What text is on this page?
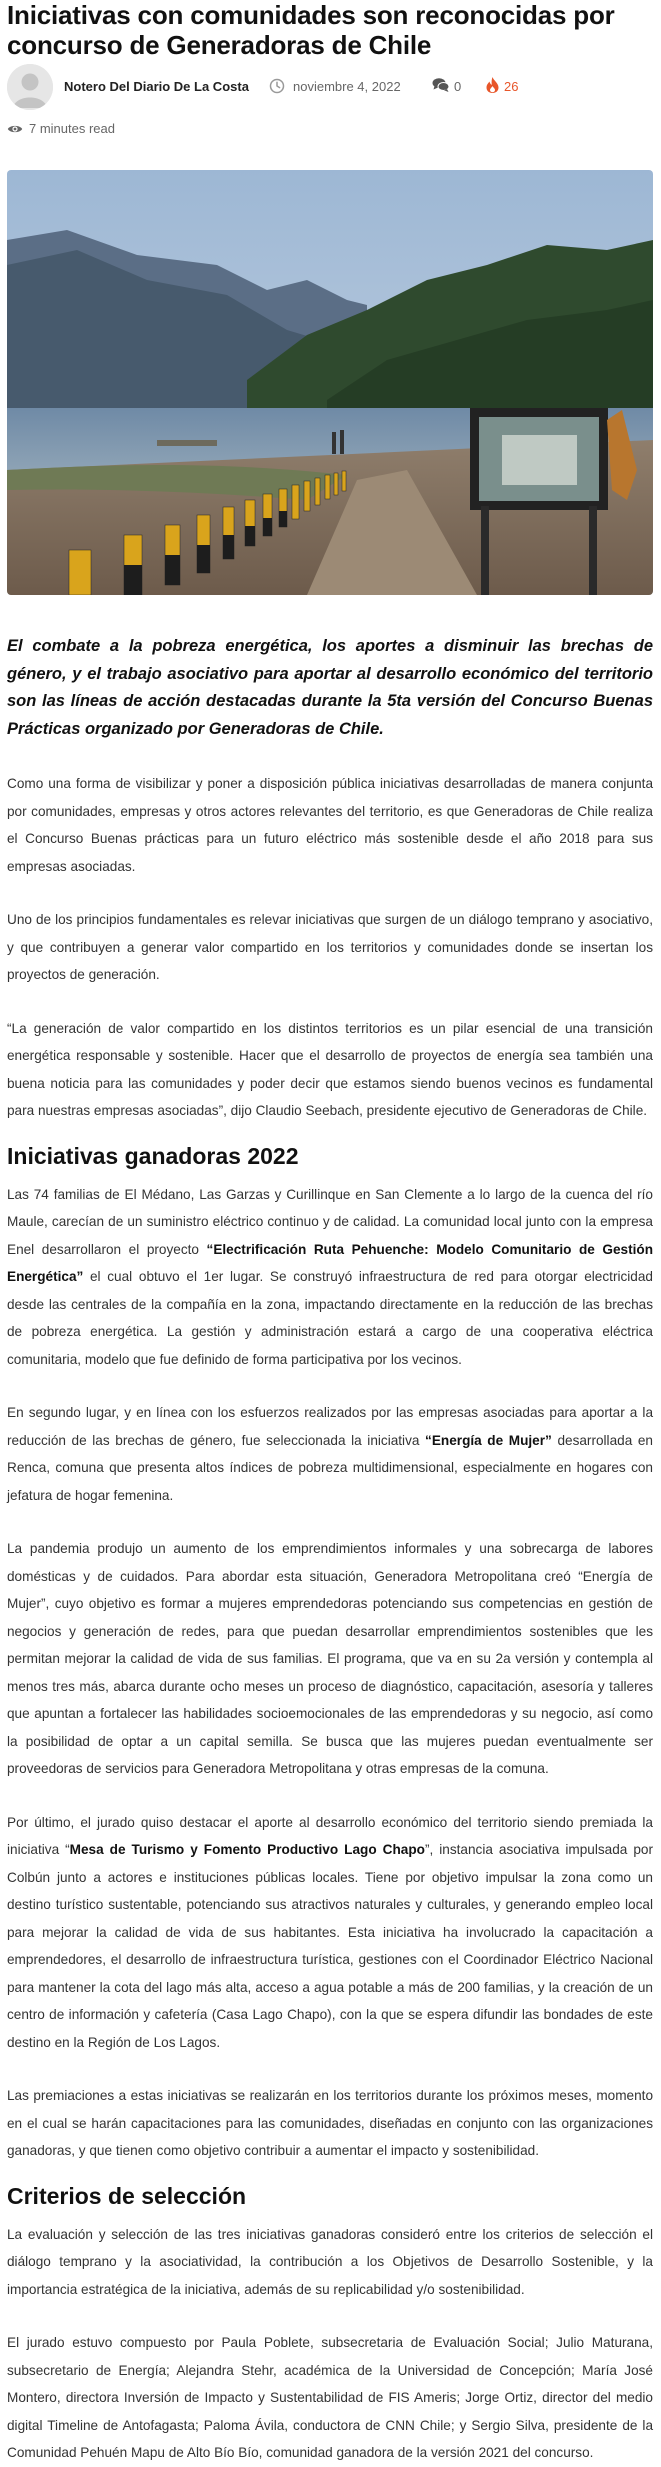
Iniciativas con comunidades son reconocidas por concurso de Generadoras de Chile
Notero Del Diario De La Costa	noviembre 4, 2022	0	26
7 minutes read

El combate a la pobreza energética, los aportes a disminuir las brechas de género, y el trabajo asociativo para aportar al desarrollo económico del territorio son las líneas de acción destacadas durante la 5ta versión del Concurso Buenas Prácticas organizado por Generadoras de Chile.

Como una forma de visibilizar y poner a disposición pública iniciativas desarrolladas de manera conjunta por comunidades, empresas y otros actores relevantes del territorio, es que Generadoras de Chile realiza el Concurso Buenas prácticas para un futuro eléctrico más sostenible desde el año 2018 para sus empresas asociadas.

Uno de los principios fundamentales es relevar iniciativas que surgen de un diálogo temprano y asociativo, y que contribuyen a generar valor compartido en los territorios y comunidades donde se insertan los proyectos de generación.

“La generación de valor compartido en los distintos territorios es un pilar esencial de una transición energética responsable y sostenible. Hacer que el desarrollo de proyectos de energía sea también una buena noticia para las comunidades y poder decir que estamos siendo buenos vecinos es fundamental para nuestras empresas asociadas”, dijo Claudio Seebach, presidente ejecutivo de Generadoras de Chile.

Iniciativas ganadoras 2022

Las 74 familias de El Médano, Las Garzas y Curillinque en San Clemente a lo largo de la cuenca del río Maule, carecían de un suministro eléctrico continuo y de calidad. La comunidad local junto con la empresa Enel desarrollaron el proyecto “Electrificación Ruta Pehuenche: Modelo Comunitario de Gestión Energética” el cual obtuvo el 1er lugar. Se construyó infraestructura de red para otorgar electricidad desde las centrales de la compañía en la zona, impactando directamente en la reducción de las brechas de pobreza energética. La gestión y administración estará a cargo de una cooperativa eléctrica comunitaria, modelo que fue definido de forma participativa por los vecinos.

En segundo lugar, y en línea con los esfuerzos realizados por las empresas asociadas para aportar a la reducción de las brechas de género, fue seleccionada la iniciativa “Energía de Mujer” desarrollada en Renca, comuna que presenta altos índices de pobreza multidimensional, especialmente en hogares con jefatura de hogar femenina.

La pandemia produjo un aumento de los emprendimientos informales y una sobrecarga de labores domésticas y de cuidados. Para abordar esta situación, Generadora Metropolitana creó “Energía de Mujer”, cuyo objetivo es formar a mujeres emprendedoras potenciando sus competencias en gestión de negocios y generación de redes, para que puedan desarrollar emprendimientos sostenibles que les permitan mejorar la calidad de vida de sus familias. El programa, que va en su 2a versión y contempla al menos tres más, abarca durante ocho meses un proceso de diagnóstico, capacitación, asesoría y talleres que apuntan a fortalecer las habilidades socioemocionales de las emprendedoras y su negocio, así como la posibilidad de optar a un capital semilla. Se busca que las mujeres puedan eventualmente ser proveedoras de servicios para Generadora Metropolitana y otras empresas de la comuna.

Por último, el jurado quiso destacar el aporte al desarrollo económico del territorio siendo premiada la iniciativa “Mesa de Turismo y Fomento Productivo Lago Chapo”, instancia asociativa impulsada por Colbún junto a actores e instituciones públicas locales. Tiene por objetivo impulsar la zona como un destino turístico sustentable, potenciando sus atractivos naturales y culturales, y generando empleo local para mejorar la calidad de vida de sus habitantes. Esta iniciativa ha involucrado la capacitación a emprendedores, el desarrollo de infraestructura turística, gestiones con el Coordinador Eléctrico Nacional para mantener la cota del lago más alta, acceso a agua potable a más de 200 familias, y la creación de un centro de información y cafetería (Casa Lago Chapo), con la que se espera difundir las bondades de este destino en la Región de Los Lagos.

Las premiaciones a estas iniciativas se realizarán en los territorios durante los próximos meses, momento en el cual se harán capacitaciones para las comunidades, diseñadas en conjunto con las organizaciones ganadoras, y que tienen como objetivo contribuir a aumentar el impacto y sostenibilidad.

Criterios de selección

La evaluación y selección de las tres iniciativas ganadoras consideró entre los criterios de selección el diálogo temprano y la asociatividad, la contribución a los Objetivos de Desarrollo Sostenible, y la importancia estratégica de la iniciativa, además de su replicabilidad y/o sostenibilidad.

El jurado estuvo compuesto por Paula Poblete, subsecretaria de Evaluación Social; Julio Maturana, subsecretario de Energía; Alejandra Stehr, académica de la Universidad de Concepción; María José Montero, directora Inversión de Impacto y Sustentabilidad de FIS Ameris; Jorge Ortiz, director del medio digital Timeline de Antofagasta; Paloma Ávila, conductora de CNN Chile; y Sergio Silva, presidente de la Comunidad Pehuén Mapu de Alto Bío Bío, comunidad ganadora de la versión 2021 del concurso.
